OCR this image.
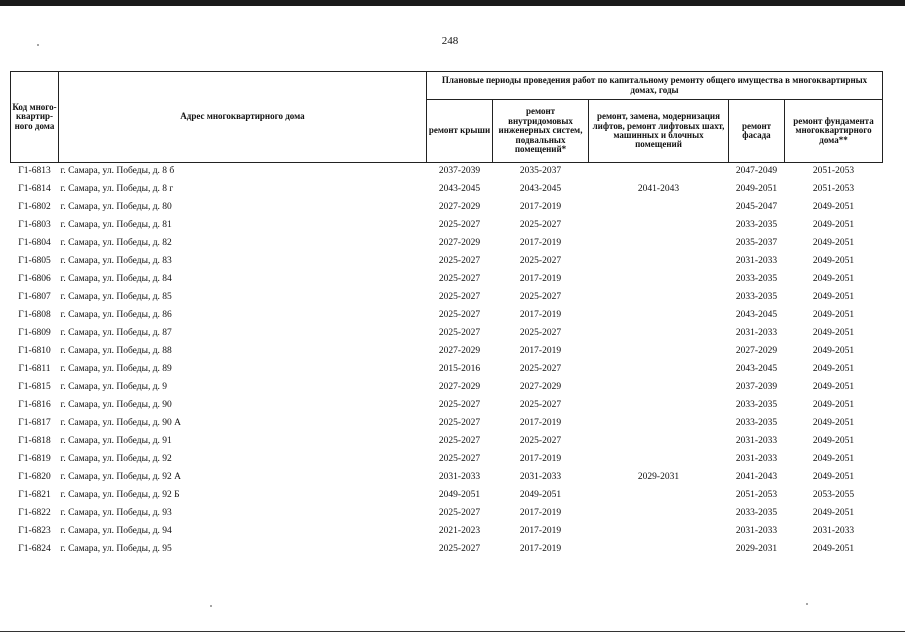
248
Код много-квартир-ного дома	Адрес многоквартирного дома	Плановые периоды проведения работ по капитальному ремонту общего имущества в многоквартирных домах, годы				
		ремонт крыши	ремонт внутридомовых инженерных систем, подвальных помещений*	ремонт, замена, модернизация лифтов, ремонт лифтовых шахт, машинных и блочных помещений	ремонт фасада	ремонт фундамента многоквартирного дома**
Г1-6813	г. Самара, ул. Победы, д. 8 б	2037-2039	2035-2037		2047-2049	2051-2053
Г1-6814	г. Самара, ул. Победы, д. 8 г	2043-2045	2043-2045	2041-2043	2049-2051	2051-2053
Г1-6802	г. Самара, ул. Победы, д. 80	2027-2029	2017-2019		2045-2047	2049-2051
Г1-6803	г. Самара, ул. Победы, д. 81	2025-2027	2025-2027		2033-2035	2049-2051
Г1-6804	г. Самара, ул. Победы, д. 82	2027-2029	2017-2019		2035-2037	2049-2051
Г1-6805	г. Самара, ул. Победы, д. 83	2025-2027	2025-2027		2031-2033	2049-2051
Г1-6806	г. Самара, ул. Победы, д. 84	2025-2027	2017-2019		2033-2035	2049-2051
Г1-6807	г. Самара, ул. Победы, д. 85	2025-2027	2025-2027		2033-2035	2049-2051
Г1-6808	г. Самара, ул. Победы, д. 86	2025-2027	2017-2019		2043-2045	2049-2051
Г1-6809	г. Самара, ул. Победы, д. 87	2025-2027	2025-2027		2031-2033	2049-2051
Г1-6810	г. Самара, ул. Победы, д. 88	2027-2029	2017-2019		2027-2029	2049-2051
Г1-6811	г. Самара, ул. Победы, д. 89	2015-2016	2025-2027		2043-2045	2049-2051
Г1-6815	г. Самара, ул. Победы, д. 9	2027-2029	2027-2029		2037-2039	2049-2051
Г1-6816	г. Самара, ул. Победы, д. 90	2025-2027	2025-2027		2033-2035	2049-2051
Г1-6817	г. Самара, ул. Победы, д. 90 А	2025-2027	2017-2019		2033-2035	2049-2051
Г1-6818	г. Самара, ул. Победы, д. 91	2025-2027	2025-2027		2031-2033	2049-2051
Г1-6819	г. Самара, ул. Победы, д. 92	2025-2027	2017-2019		2031-2033	2049-2051
Г1-6820	г. Самара, ул. Победы, д. 92 А	2031-2033	2031-2033	2029-2031	2041-2043	2049-2051
Г1-6821	г. Самара, ул. Победы, д. 92 Б	2049-2051	2049-2051		2051-2053	2053-2055
Г1-6822	г. Самара, ул. Победы, д. 93	2025-2027	2017-2019		2033-2035	2049-2051
Г1-6823	г. Самара, ул. Победы, д. 94	2021-2023	2017-2019		2031-2033	2031-2033
Г1-6824	г. Самара, ул. Победы, д. 95	2025-2027	2017-2019		2029-2031	2049-2051
